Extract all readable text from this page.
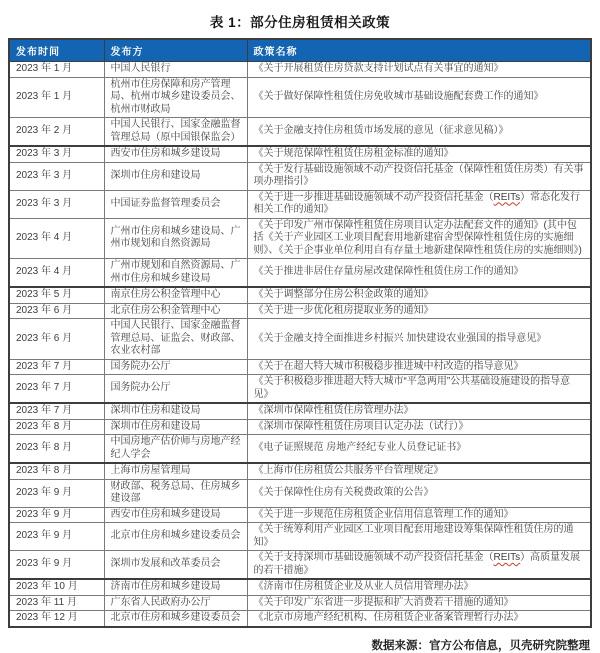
表 1：部分住房租赁相关政策
发布时间	发布方	政策名称
2023 年 1 月	中国人民银行	《关于开展租赁住房贷款支持计划试点有关事宜的通知》
2023 年 1 月	杭州市住房保障和房产管理局、杭州市城乡建设委员会、杭州市财政局	《关于做好保障性租赁住房免收城市基础设施配套费工作的通知》
2023 年 2 月	中国人民银行、国家金融监督管理总局（原中国银保监会）	《关于金融支持住房租赁市场发展的意见（征求意见稿）》
2023 年 3 月	西安市住房和城乡建设局	《关于规范保障性租赁住房租金标准的通知》
2023 年 3 月	深圳市住房和建设局	《关于发行基础设施领域不动产投资信托基金（保障性租赁住房类）有关事项办理指引》
2023 年 3 月	中国证券监督管理委员会	《关于进一步推进基础设施领域不动产投资信托基金（REITs）常态化发行相关工作的通知》
2023 年 4 月	广州市住房和城乡建设局、广州市规划和自然资源局	《关于印发广州市保障性租赁住房项目认定办法配套文件的通知》(其中包括《关于产业园区工业项目配套用地新建宿舍型保障性租赁住房的实施细则》、《关于企事业单位利用自有存量土地新建保障性租赁住房的实施细则》)
2023 年 4 月	广州市规划和自然资源局、广州市住房和城乡建设局	《关于推进非居住存量房屋改建保障性租赁住房工作的通知》
2023 年 5 月	南京住房公积金管理中心	《关于调整部分住房公积金政策的通知》
2023 年 6 月	北京住房公积金管理中心	《关于进一步优化租房提取业务的通知》
2023 年 6 月	中国人民银行、国家金融监督管理总局、证监会、财政部、农业农村部	《关于金融支持全面推进乡村振兴 加快建设农业强国的指导意见》
2023 年 7 月	国务院办公厅	《关于在超大特大城市积极稳步推进城中村改造的指导意见》
2023 年 7 月	国务院办公厅	《关于积极稳步推进超大特大城市“平急两用”公共基础设施建设的指导意见》
2023 年 7 月	深圳市住房和建设局	《深圳市保障性租赁住房管理办法》
2023 年 8 月	深圳市住房和建设局	《深圳市保障性租赁住房项目认定办法（试行）》
2023 年 8 月	中国房地产估价师与房地产经纪人学会	《电子证照规范 房地产经纪专业人员登记证书》
2023 年 8 月	上海市房屋管理局	《上海市住房租赁公共服务平台管理规定》
2023 年 9 月	财政部、税务总局、住房城乡建设部	《关于保障性住房有关税费政策的公告》
2023 年 9 月	西安市住房和城乡建设局	《关于进一步规范住房租赁企业信用信息管理工作的通知》
2023 年 9 月	北京市住房和城乡建设委员会	《关于统筹利用产业园区工业项目配套用地建设筹集保障性租赁住房的通知》
2023 年 9 月	深圳市发展和改革委员会	《关于支持深圳市基础设施领域不动产投资信托基金（REITs）高质量发展的若干措施》
2023 年 10 月	济南市住房和城乡建设局	《济南市住房租赁企业及从业人员信用管理办法》
2023 年 11 月	广东省人民政府办公厅	《关于印发广东省进一步提振和扩大消费若干措施的通知》
2023 年 12 月	北京市住房和城乡建设委员会	《北京市房地产经纪机构、住房租赁企业备案管理暂行办法》
数据来源：官方公布信息，贝壳研究院整理
